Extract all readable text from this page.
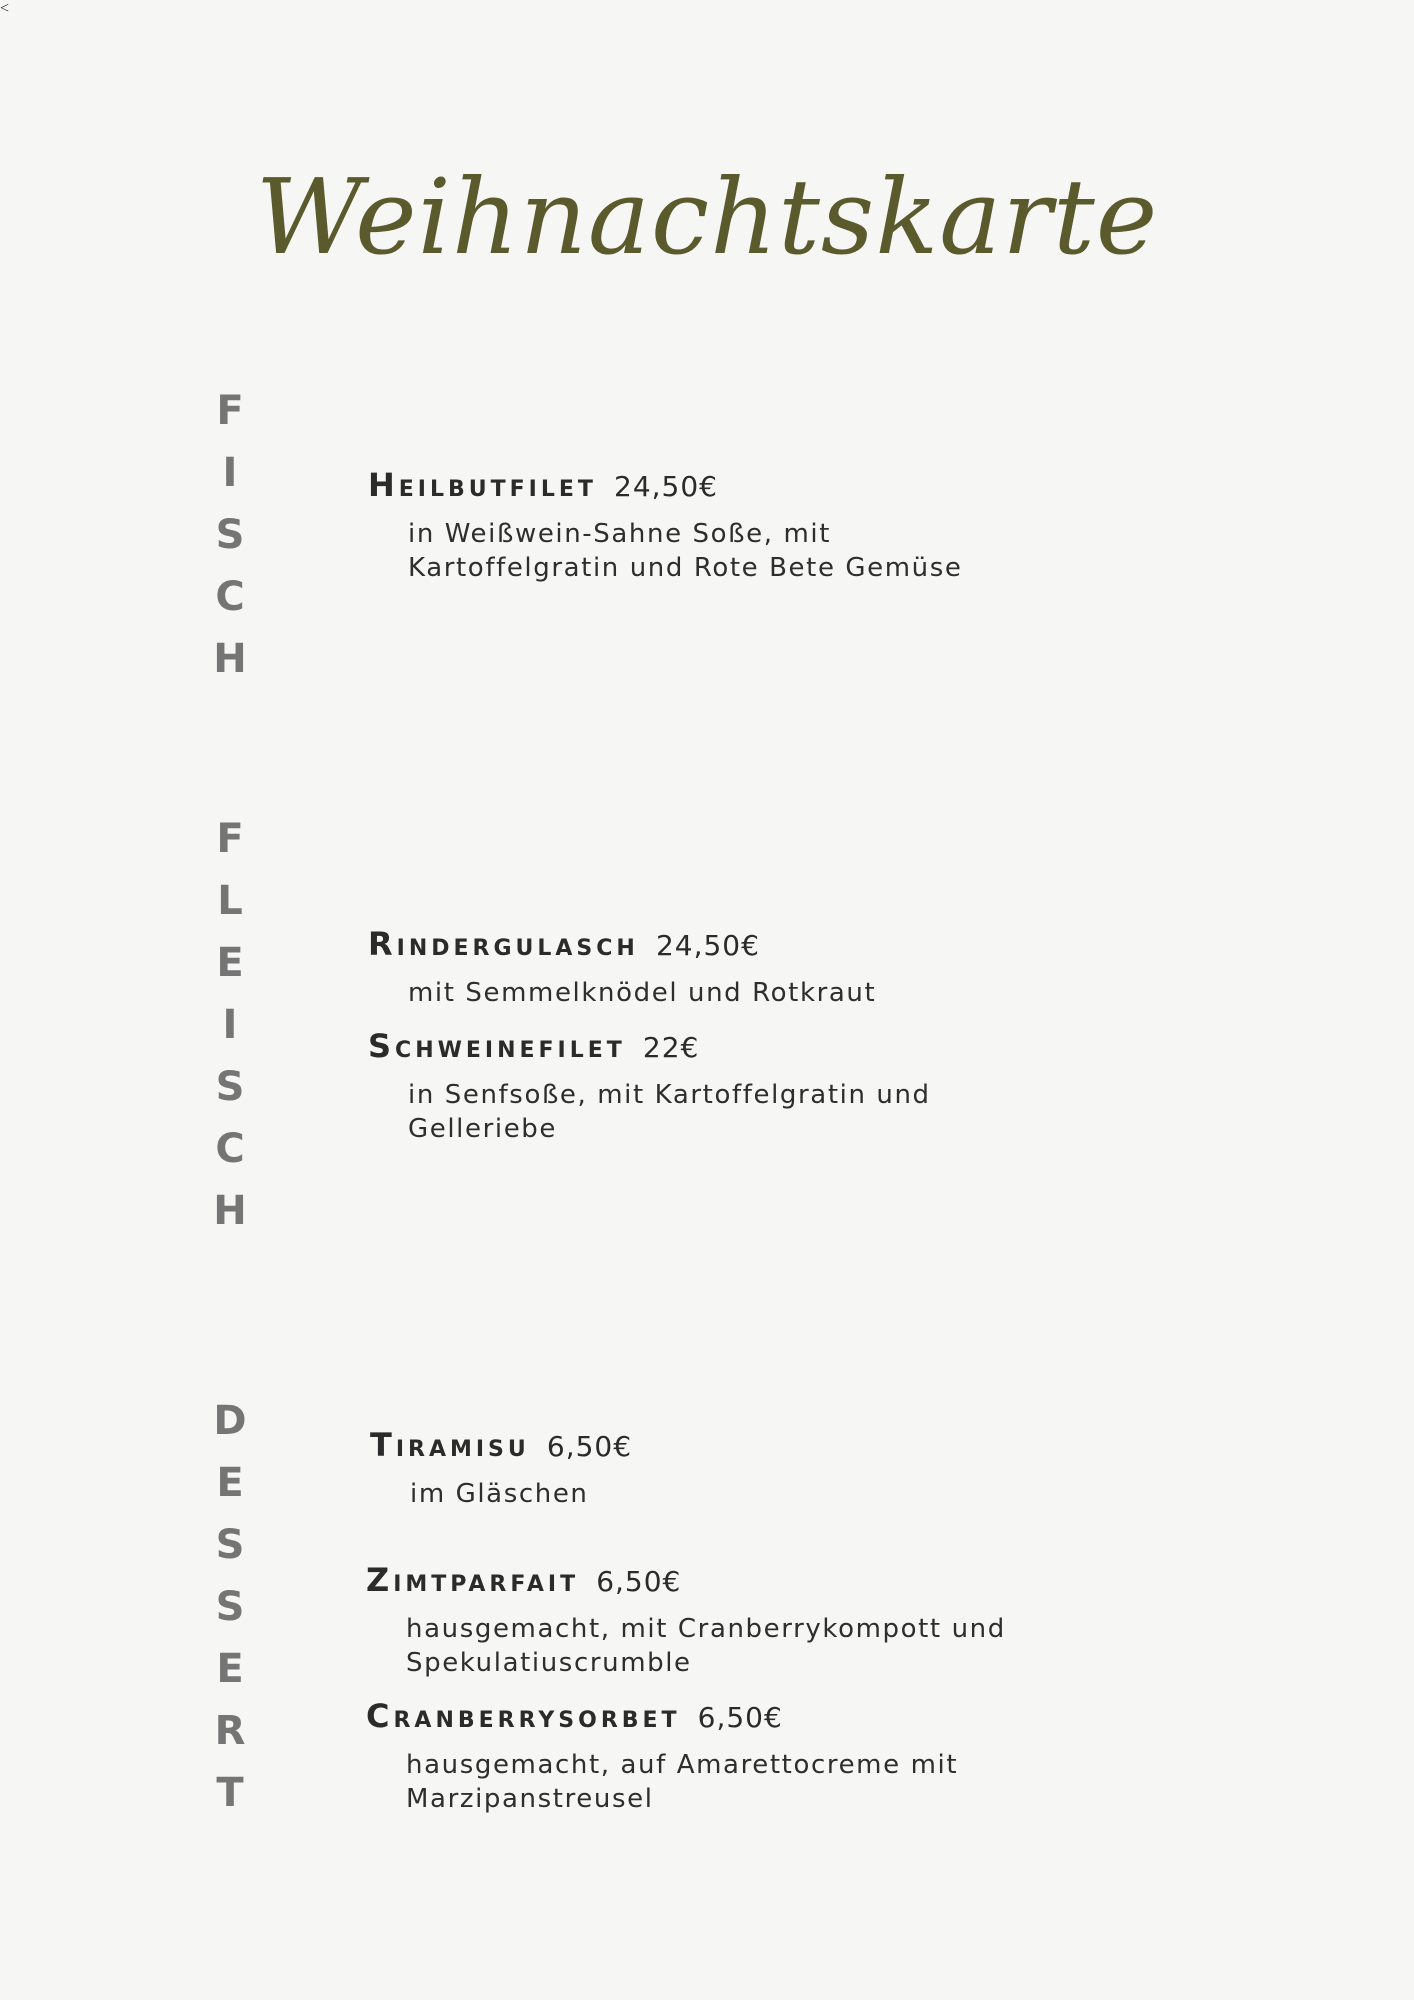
Weihnachtskarte
F
I
S
C
H
Heilbutfilet 24,50€
in Weißwein-Sahne Soße, mit Kartoffelgratin und Rote Bete Gemüse
F
L
E
I
S
C
H
Rindergulasch 24,50€
mit Semmelknödel und Rotkraut
Schweinefilet 22€
in Senfsoße, mit Kartoffelgratin und Gelleriebe
<
D
E
S
S
E
R
T
Tiramisu 6,50€
im Gläschen
Zimtparfait 6,50€
hausgemacht, mit Cranberrykompott und Spekulatiuscrumble
Cranberrysorbet 6,50€
hausgemacht, auf Amarettocreme mit Marzipanstreusel
